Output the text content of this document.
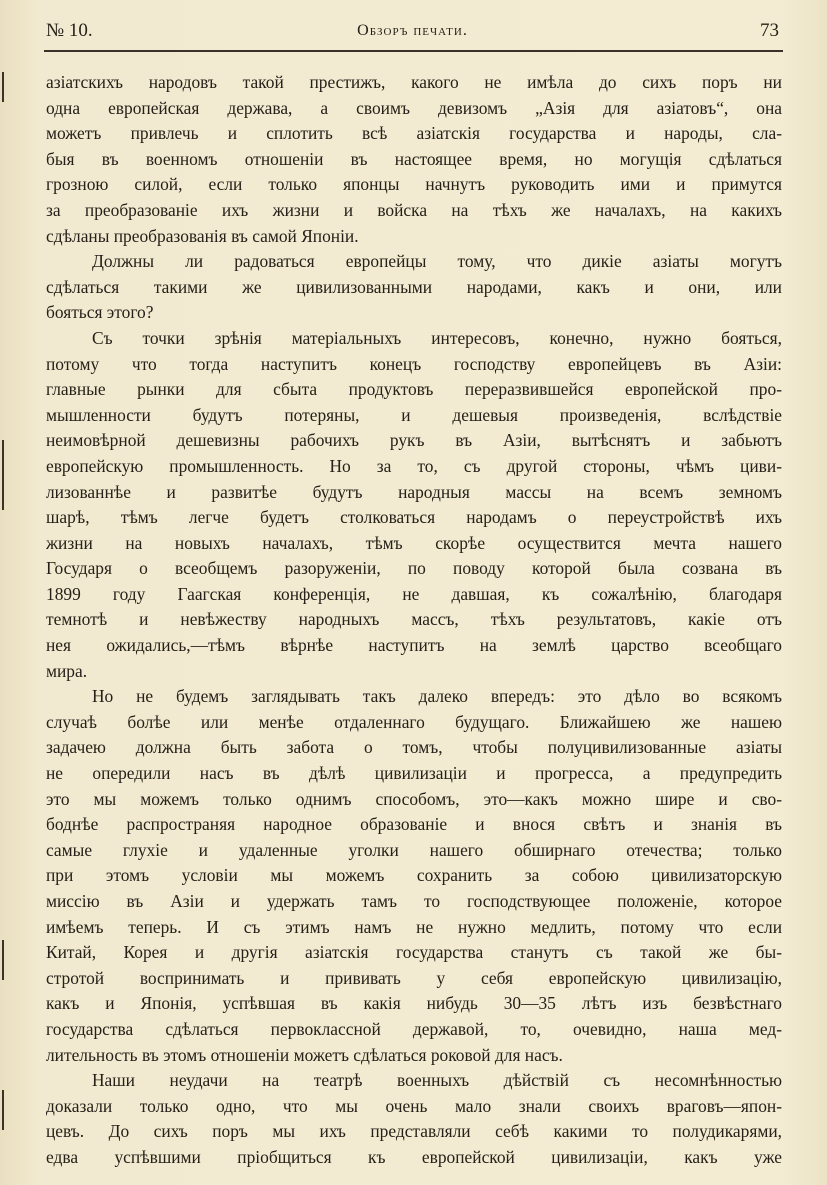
№ 10.	Обзоръ печати.	73
азіатскихъ народовъ такой престижъ, какого не имѣла до сихъ поръ ни
одна европейская держава, а своимъ девизомъ „Азія для азіатовъ“, она
можетъ привлечь и сплотить всѣ азіатскія государства и народы, сла-
быя въ военномъ отношеніи въ настоящее время, но могущія сдѣлаться
грозною силой, если только японцы начнутъ руководить ими и примутся
за преобразованіе ихъ жизни и войска на тѣхъ же началахъ, на какихъ
сдѣланы преобразованія въ самой Японіи.
Должны ли радоваться европейцы тому, что дикіе азіаты могутъ
сдѣлаться такими же цивилизованными народами, какъ и они, или
бояться этого?
Съ точки зрѣнія матеріальныхъ интересовъ, конечно, нужно бояться,
потому что тогда наступитъ конецъ господству европейцевъ въ Азіи:
главные рынки для сбыта продуктовъ переразвившейся европейской про-
мышленности будутъ потеряны, и дешевыя произведенія, вслѣдствіе
неимовѣрной дешевизны рабочихъ рукъ въ Азіи, вытѣснятъ и забьютъ
европейскую промышленность. Но за то, съ другой стороны, чѣмъ циви-
лизованнѣе и развитѣе будутъ народныя массы на всемъ земномъ
шарѣ, тѣмъ легче будетъ столковаться народамъ о переустройствѣ ихъ
жизни на новыхъ началахъ, тѣмъ скорѣе осуществится мечта нашего
Государя о всеобщемъ разоруженіи, по поводу которой была созвана въ
1899 году Гаагская конференція, не давшая, къ сожалѣнію, благодаря
темнотѣ и невѣжеству народныхъ массъ, тѣхъ результатовъ, какіе отъ
нея ожидались,—тѣмъ вѣрнѣе наступитъ на землѣ царство всеобщаго
мира.
Но не будемъ заглядывать такъ далеко впередъ: это дѣло во всякомъ
случаѣ болѣе или менѣе отдаленнаго будущаго. Ближайшею же нашею
задачею должна быть забота о томъ, чтобы полуцивилизованные азіаты
не опередили насъ въ дѣлѣ цивилизаціи и прогресса, а предупредить
это мы можемъ только однимъ способомъ, это—какъ можно шире и сво-
боднѣе распространяя народное образованіе и внося свѣтъ и знанія въ
самые глухіе и удаленные уголки нашего обширнаго отечества; только
при этомъ условіи мы можемъ сохранить за собою цивилизаторскую
миссію въ Азіи и удержать тамъ то господствующее положеніе, которое
имѣемъ теперь. И съ этимъ намъ не нужно медлить, потому что если
Китай, Корея и другія азіатскія государства станутъ съ такой же бы-
стротой воспринимать и прививать у себя европейскую цивилизацію,
какъ и Японія, успѣвшая въ какія нибудь 30—35 лѣтъ изъ безвѣстнаго
государства сдѣлаться первоклассной державой, то, очевидно, наша мед-
лительность въ этомъ отношеніи можетъ сдѣлаться роковой для насъ.
Наши неудачи на театрѣ военныхъ дѣйствій съ несомнѣнностью
доказали только одно, что мы очень мало знали своихъ враговъ—япон-
цевъ. До сихъ поръ мы ихъ представляли себѣ какими то полудикарями,
едва успѣвшими пріобщиться къ европейской цивилизаціи, какъ уже
